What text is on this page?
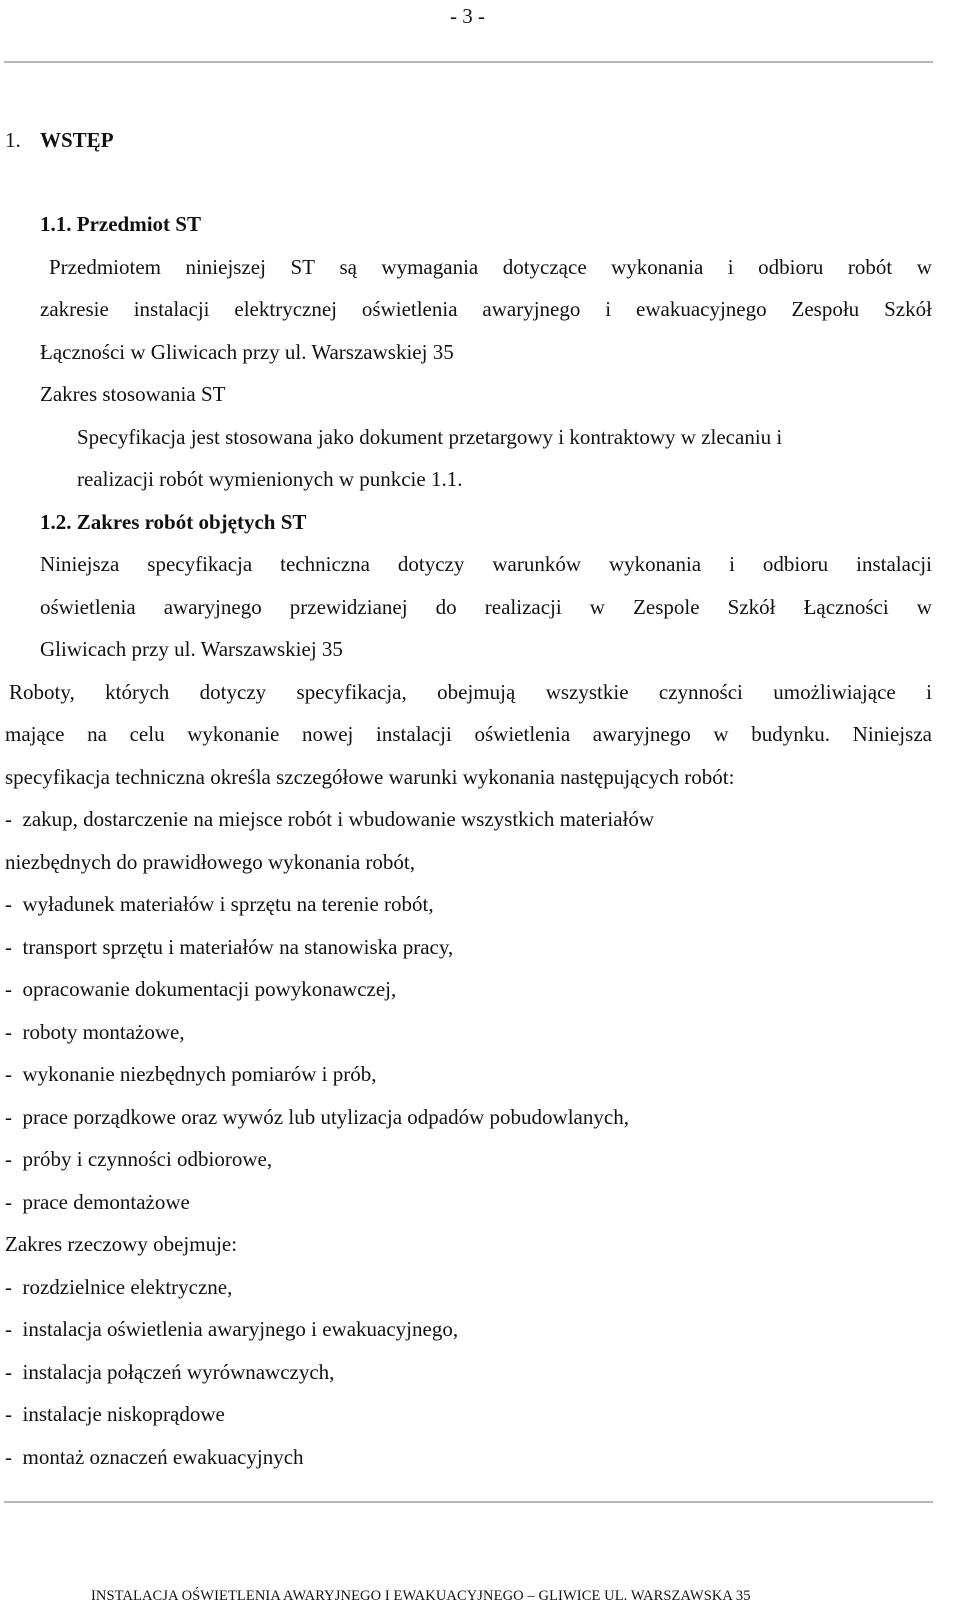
- 3 -
1. WSTĘP
1.1. Przedmiot ST
Przedmiotem niniejszej ST są wymagania dotyczące wykonania i odbioru robót w
zakresie instalacji elektrycznej oświetlenia awaryjnego i ewakuacyjnego Zespołu Szkół
Łączności w Gliwicach przy ul. Warszawskiej 35
Zakres stosowania ST
Specyfikacja jest stosowana jako dokument przetargowy i kontraktowy w zlecaniu i
realizacji robót wymienionych w punkcie 1.1.
1.2. Zakres robót objętych ST
Niniejsza specyfikacja techniczna dotyczy warunków wykonania i odbioru instalacji
oświetlenia awaryjnego przewidzianej do realizacji w Zespole Szkół Łączności w
Gliwicach przy ul. Warszawskiej 35
Roboty, których dotyczy specyfikacja, obejmują wszystkie czynności umożliwiające i
mające na celu wykonanie nowej instalacji oświetlenia awaryjnego w budynku. Niniejsza
specyfikacja techniczna określa szczegółowe warunki wykonania następujących robót:
-  zakup, dostarczenie na miejsce robót i wbudowanie wszystkich materiałów
niezbędnych do prawidłowego wykonania robót,
-  wyładunek materiałów i sprzętu na terenie robót,
-  transport sprzętu i materiałów na stanowiska pracy,
-  opracowanie dokumentacji powykonawczej,
-  roboty montażowe,
-  wykonanie niezbędnych pomiarów i prób,
-  prace porządkowe oraz wywóz lub utylizacja odpadów pobudowlanych,
-  próby i czynności odbiorowe,
-  prace demontażowe
Zakres rzeczowy obejmuje:
-  rozdzielnice elektryczne,
-  instalacja oświetlenia awaryjnego i ewakuacyjnego,
-  instalacja połączeń wyrównawczych,
-  instalacje niskoprądowe
-  montaż oznaczeń ewakuacyjnych
INSTALACJA OŚWIETLENIA AWARYJNEGO I EWAKUACYJNEGO – GLIWICE UL. WARSZAWSKA 35
